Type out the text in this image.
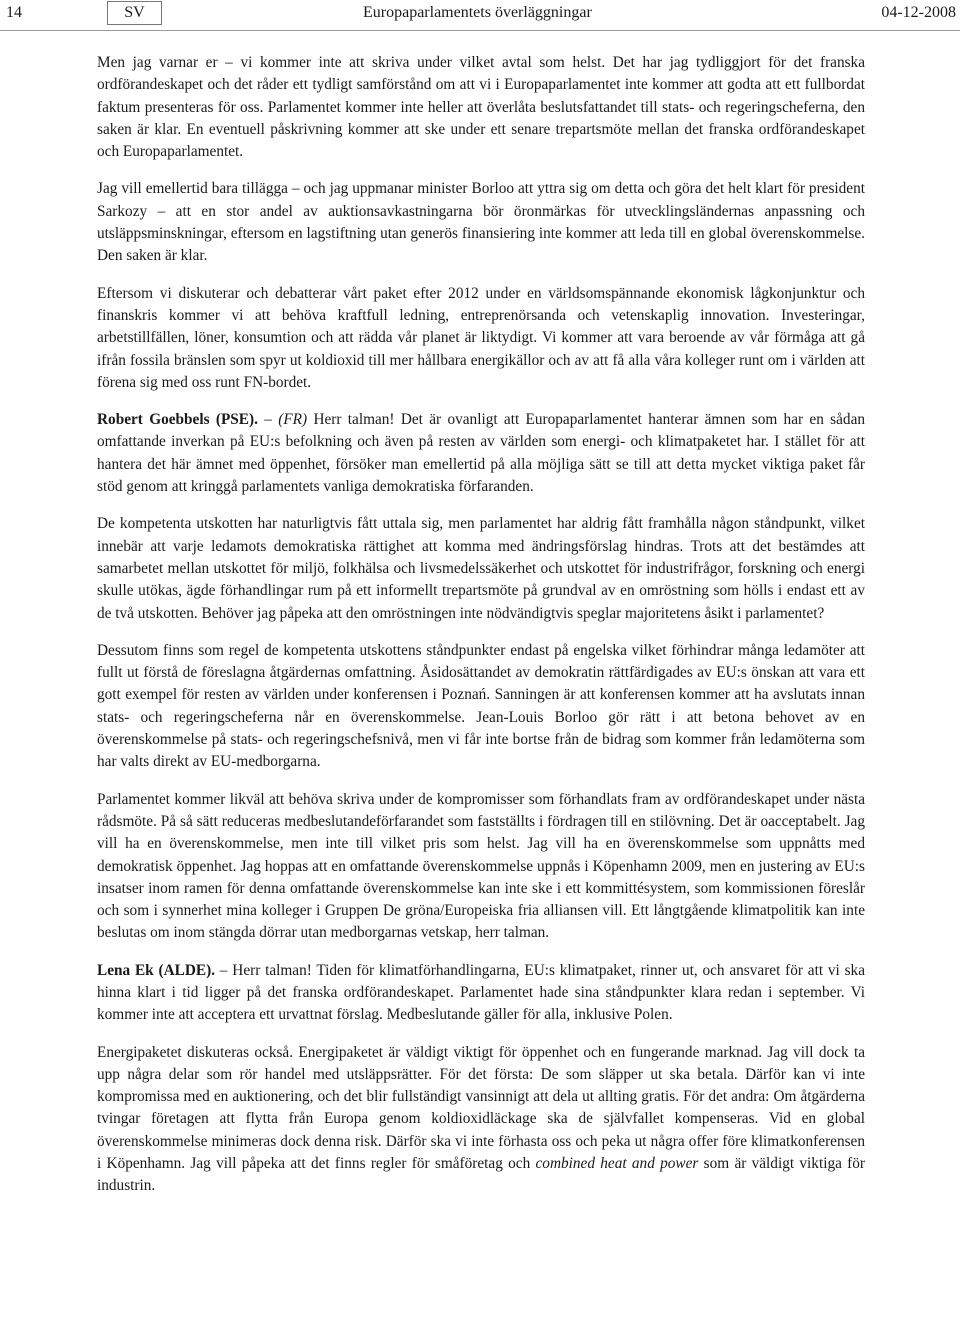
14	SV	Europaparlamentets överläggningar	04-12-2008

Men jag varnar er – vi kommer inte att skriva under vilket avtal som helst. Det har jag tydliggjort för det franska ordförandeskapet och det råder ett tydligt samförstånd om att vi i Europaparlamentet inte kommer att godta att ett fullbordat faktum presenteras för oss. Parlamentet kommer inte heller att överlåta beslutsfattandet till stats- och regeringscheferna, den saken är klar. En eventuell påskrivning kommer att ske under ett senare trepartsmöte mellan det franska ordförandeskapet och Europaparlamentet.

Jag vill emellertid bara tillägga – och jag uppmanar minister Borloo att yttra sig om detta och göra det helt klart för president Sarkozy – att en stor andel av auktionsavkastningarna bör öronmärkas för utvecklingsländernas anpassning och utsläppsminskningar, eftersom en lagstiftning utan generös finansiering inte kommer att leda till en global överenskommelse. Den saken är klar.

Eftersom vi diskuterar och debatterar vårt paket efter 2012 under en världsomspännande ekonomisk lågkonjunktur och finanskris kommer vi att behöva kraftfull ledning, entreprenörsanda och vetenskaplig innovation. Investeringar, arbetstillfällen, löner, konsumtion och att rädda vår planet är liktydigt. Vi kommer att vara beroende av vår förmåga att gå ifrån fossila bränslen som spyr ut koldioxid till mer hållbara energikällor och av att få alla våra kolleger runt om i världen att förena sig med oss runt FN-bordet.

Robert Goebbels (PSE). – (FR) Herr talman! Det är ovanligt att Europaparlamentet hanterar ämnen som har en sådan omfattande inverkan på EU:s befolkning och även på resten av världen som energi- och klimatpaketet har. I stället för att hantera det här ämnet med öppenhet, försöker man emellertid på alla möjliga sätt se till att detta mycket viktiga paket får stöd genom att kringgå parlamentets vanliga demokratiska förfaranden.

De kompetenta utskotten har naturligtvis fått uttala sig, men parlamentet har aldrig fått framhålla någon ståndpunkt, vilket innebär att varje ledamots demokratiska rättighet att komma med ändringsförslag hindras. Trots att det bestämdes att samarbetet mellan utskottet för miljö, folkhälsa och livsmedelssäkerhet och utskottet för industrifrågor, forskning och energi skulle utökas, ägde förhandlingar rum på ett informellt trepartsmöte på grundval av en omröstning som hölls i endast ett av de två utskotten. Behöver jag påpeka att den omröstningen inte nödvändigtvis speglar majoritetens åsikt i parlamentet?

Dessutom finns som regel de kompetenta utskottens ståndpunkter endast på engelska vilket förhindrar många ledamöter att fullt ut förstå de föreslagna åtgärdernas omfattning. Åsidosättandet av demokratin rättfärdigades av EU:s önskan att vara ett gott exempel för resten av världen under konferensen i Poznań. Sanningen är att konferensen kommer att ha avslutats innan stats- och regeringscheferna når en överenskommelse. Jean-Louis Borloo gör rätt i att betona behovet av en överenskommelse på stats- och regeringschefsnivå, men vi får inte bortse från de bidrag som kommer från ledamöterna som har valts direkt av EU-medborgarna.

Parlamentet kommer likväl att behöva skriva under de kompromisser som förhandlats fram av ordförandeskapet under nästa rådsmöte. På så sätt reduceras medbeslutandeförfarandet som fastställts i fördragen till en stilövning. Det är oacceptabelt. Jag vill ha en överenskommelse, men inte till vilket pris som helst. Jag vill ha en överenskommelse som uppnåtts med demokratisk öppenhet. Jag hoppas att en omfattande överenskommelse uppnås i Köpenhamn 2009, men en justering av EU:s insatser inom ramen för denna omfattande överenskommelse kan inte ske i ett kommittésystem, som kommissionen föreslår och som i synnerhet mina kolleger i Gruppen De gröna/Europeiska fria alliansen vill. Ett långtgående klimatpolitik kan inte beslutas om inom stängda dörrar utan medborgarnas vetskap, herr talman.

Lena Ek (ALDE). – Herr talman! Tiden för klimatförhandlingarna, EU:s klimatpaket, rinner ut, och ansvaret för att vi ska hinna klart i tid ligger på det franska ordförandeskapet. Parlamentet hade sina ståndpunkter klara redan i september. Vi kommer inte att acceptera ett urvattnat förslag. Medbeslutande gäller för alla, inklusive Polen.

Energipaketet diskuteras också. Energipaketet är väldigt viktigt för öppenhet och en fungerande marknad. Jag vill dock ta upp några delar som rör handel med utsläppsrätter. För det första: De som släpper ut ska betala. Därför kan vi inte kompromissa med en auktionering, och det blir fullständigt vansinnigt att dela ut allting gratis. För det andra: Om åtgärderna tvingar företagen att flytta från Europa genom koldioxidläckage ska de självfallet kompenseras. Vid en global överenskommelse minimeras dock denna risk. Därför ska vi inte förhasta oss och peka ut några offer före klimatkonferensen i Köpenhamn. Jag vill påpeka att det finns regler för småföretag och combined heat and power som är väldigt viktiga för industrin.
